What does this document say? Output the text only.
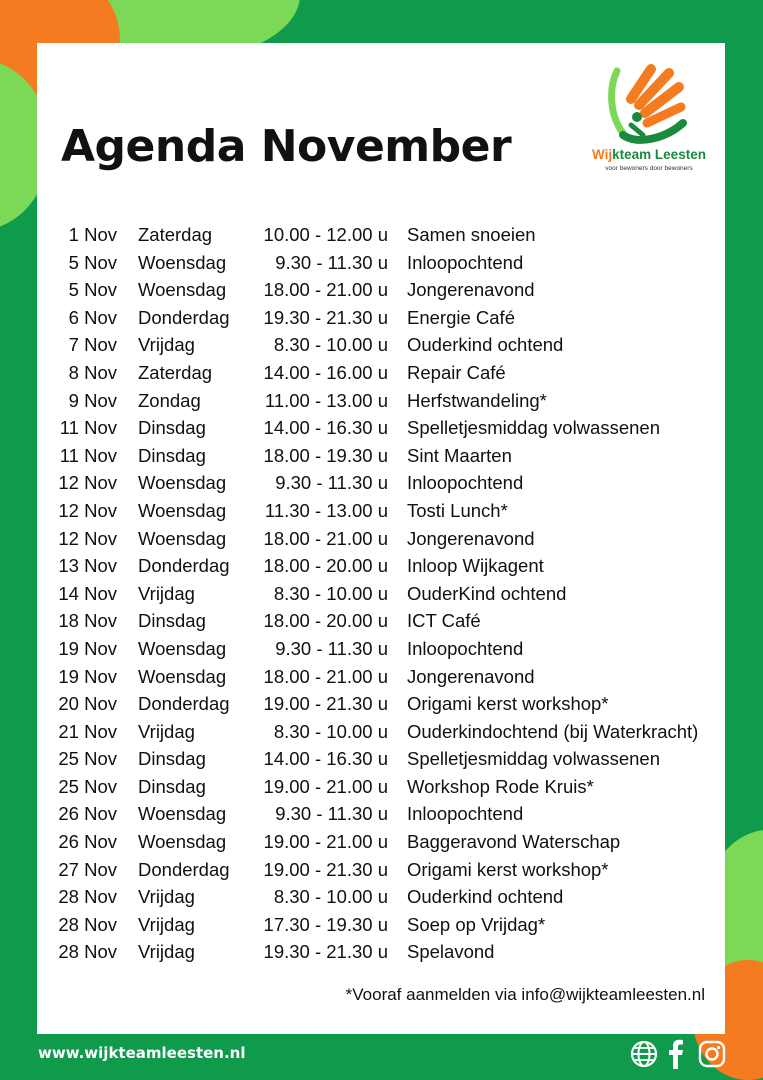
Agenda November	Wijkteam Leesten
voor bewoners door bewoners
1 Nov Zaterdag	10.00 - 12.00 u Samen snoeien
5 Nov Woensdag	9.30 - 11.30 u Inloopochtend
5 Nov Woensdag 18.00 - 21.00 u Jongerenavond
6 Nov Donderdag 19.30 - 21.30 u Energie Café
7 Nov Vrijdag	8.30 - 10.00 u Ouderkind ochtend
8 Nov Zaterdag	14.00 - 16.00 u Repair Café
9 Nov Zondag	11.00 - 13.00 u Herfstwandeling*
11 Nov Dinsdag	14.00 - 16.30 u Spelletjesmiddag volwassenen
11 Nov Dinsdag	18.00 - 19.30 u Sint Maarten
12 Nov Woensdag	9.30 - 11.30 u Inloopochtend
12 Nov Woensdag 11.30 - 13.00 u Tosti Lunch*
12 Nov Woensdag 18.00 - 21.00 u Jongerenavond
13 Nov Donderdag 18.00 - 20.00 u Inloop Wijkagent
14 Nov Vrijdag	8.30 - 10.00 u OuderKind ochtend
18 Nov Dinsdag	18.00 - 20.00 u ICT Café
19 Nov Woensdag	9.30 - 11.30 u Inloopochtend
19 Nov Woensdag 18.00 - 21.00 u Jongerenavond
20 Nov Donderdag 19.00 - 21.30 u Origami kerst workshop*
21 Nov Vrijdag	8.30 - 10.00 u Ouderkindochtend (bij Waterkracht)
25 Nov Dinsdag	14.00 - 16.30 u Spelletjesmiddag volwassenen
25 Nov Dinsdag	19.00 - 21.00 u Workshop Rode Kruis*
26 Nov Woensdag	9.30 - 11.30 u Inloopochtend
26 Nov Woensdag 19.00 - 21.00 u Baggeravond Waterschap
27 Nov Donderdag 19.00 - 21.30 u Origami kerst workshop*
28 Nov Vrijdag	8.30 - 10.00 u Ouderkind ochtend
28 Nov Vrijdag	17.30 - 19.30 u Soep op Vrijdag*
28 Nov Vrijdag	19.30 - 21.30 u Spelavond
*Vooraf aanmelden via info@wijkteamleesten.nl
www.wijkteamleesten.nl
